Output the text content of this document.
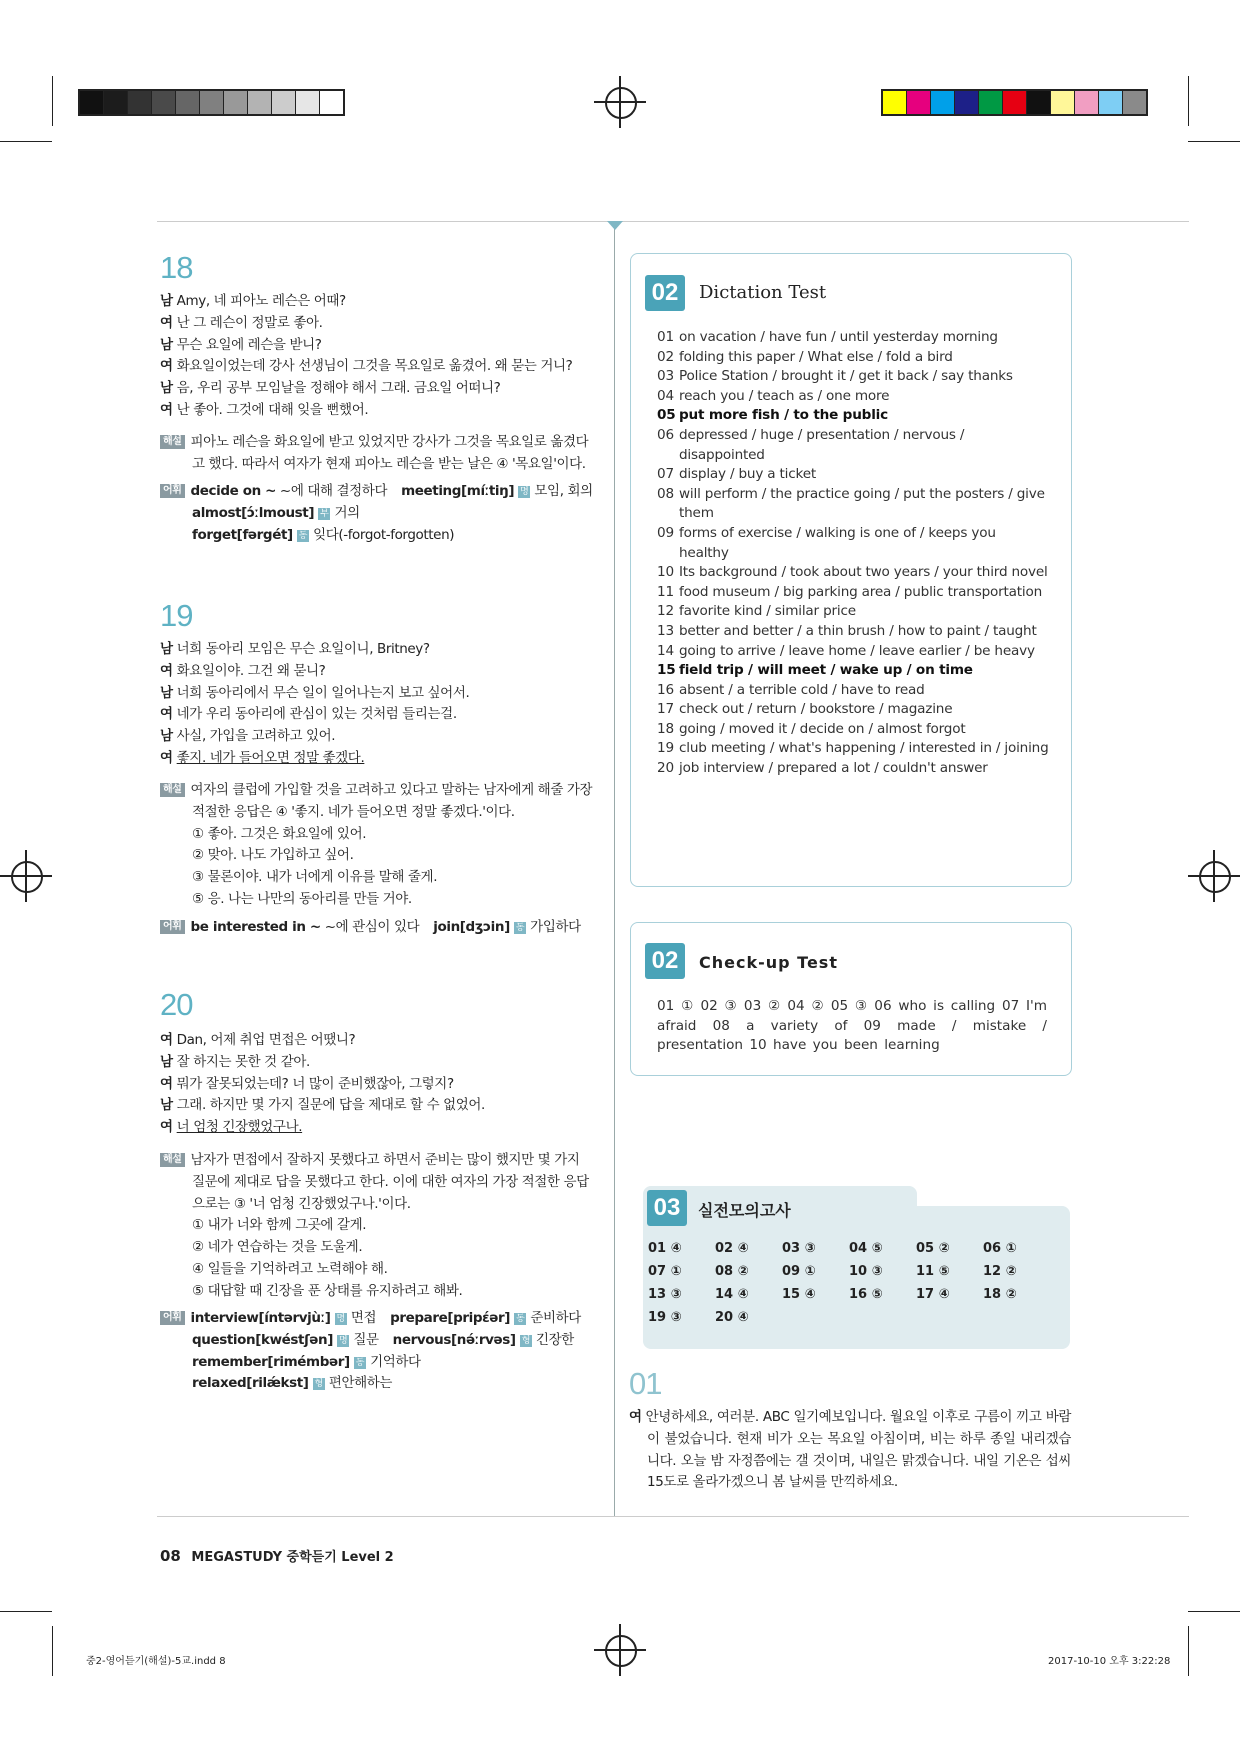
18
남 Amy, 네 피아노 레슨은 어때?
여 난 그 레슨이 정말로 좋아.
남 무슨 요일에 레슨을 받니?
여 화요일이었는데 강사 선생님이 그것을 목요일로 옮겼어. 왜 묻는 거니?
남 음, 우리 공부 모임날을 정해야 해서 그래. 금요일 어떠니?
여 난 좋아. 그것에 대해 잊을 뻔했어.
해설 피아노 레슨을 화요일에 받고 있었지만 강사가 그것을 목요일로 옮겼다
고 했다. 따라서 여자가 현재 피아노 레슨을 받는 날은 ④ '목요일'이다.
어휘 decide on ~ ~에 대해 결정하다 meeting[míːtiŋ] 명 모임, 회의
almost[ɔ́ːlmoust] 부 거의
forget[fərgét] 동 잊다(-forgot-forgotten)
19
남 너희 동아리 모임은 무슨 요일이니, Britney?
여 화요일이야. 그건 왜 묻니?
남 너희 동아리에서 무슨 일이 일어나는지 보고 싶어서.
여 네가 우리 동아리에 관심이 있는 것처럼 들리는걸.
남 사실, 가입을 고려하고 있어.
여 좋지. 네가 들어오면 정말 좋겠다.
해설 여자의 클럽에 가입할 것을 고려하고 있다고 말하는 남자에게 해줄 가장
적절한 응답은 ④ '좋지. 네가 들어오면 정말 좋겠다.'이다.
① 좋아. 그것은 화요일에 있어.
② 맞아. 나도 가입하고 싶어.
③ 물론이야. 내가 너에게 이유를 말해 줄게.
⑤ 응. 나는 나만의 동아리를 만들 거야.
어휘 be interested in ~ ~에 관심이 있다 join[dʒɔin] 동 가입하다
20
여 Dan, 어제 취업 면접은 어땠니?
남 잘 하지는 못한 것 같아.
여 뭐가 잘못되었는데? 너 많이 준비했잖아, 그렇지?
남 그래. 하지만 몇 가지 질문에 답을 제대로 할 수 없었어.
여 너 엄청 긴장했었구나.
해설 남자가 면접에서 잘하지 못했다고 하면서 준비는 많이 했지만 몇 가지
질문에 제대로 답을 못했다고 한다. 이에 대한 여자의 가장 적절한 응답
으로는 ③ '너 엄청 긴장했었구나.'이다.
① 내가 너와 함께 그곳에 갈게.
② 네가 연습하는 것을 도울게.
④ 일들을 기억하려고 노력해야 해.
⑤ 대답할 때 긴장을 푼 상태를 유지하려고 해봐.
어휘 interview[íntərvjùː] 명 면접 prepare[pripέər] 동 준비하다
question[kwéstʃən] 명 질문 nervous[nə́ːrvəs] 형 긴장한
remember[rimémbər] 동 기억하다
relaxed[rilǽkst] 형 편안해하는
02	Dictation Test
01 on vacation / have fun / until yesterday morning
02 folding this paper / What else / fold a bird
03 Police Station / brought it / get it back / say thanks
04 reach you / teach as / one more
05 put more fish / to the public
06 depressed / huge / presentation / nervous / disappointed
07 display / buy a ticket
08 will perform / the practice going / put the posters / give them
09 forms of exercise / walking is one of / keeps you healthy
10 Its background / took about two years / your third novel
11 food museum / big parking area / public transportation
12 favorite kind / similar price
13 better and better / a thin brush / how to paint / taught
14 going to arrive / leave home / leave earlier / be heavy
15 field trip / will meet / wake up / on time
16 absent / a terrible cold / have to read
17 check out / return / bookstore / magazine
18 going / moved it / decide on / almost forgot
19 club meeting / what's happening / interested in / joining
20 job interview / prepared a lot / couldn't answer
02	Check-up Test
01 ① 02 ③ 03 ② 04 ② 05 ③ 06 who is calling 07 I'm afraid 08 a variety of 09 made / mistake / presentation 10 have you been learning
03	실전모의고사
01 ④	02 ④	03 ③	04 ⑤	05 ②	06 ①
07 ①	08 ②	09 ①	10 ③	11 ⑤	12 ②
13 ③	14 ④	15 ④	16 ⑤	17 ④	18 ②
19 ③	20 ④
01
여 안녕하세요, 여러분. ABC 일기예보입니다. 월요일 이후로 구름이 끼고 바람이 불었습니다. 현재 비가 오는 목요일 아침이며, 비는 하루 종일 내리겠습니다. 오늘 밤 자정쯤에는 갤 것이며, 내일은 맑겠습니다. 내일 기온은 섭씨 15도로 올라가겠으니 봄 날씨를 만끽하세요.
08 MEGASTUDY 중학듣기 Level 2
중2-영어듣기(해설)-5교.indd 8	2017-10-10 오후 3:22:28
